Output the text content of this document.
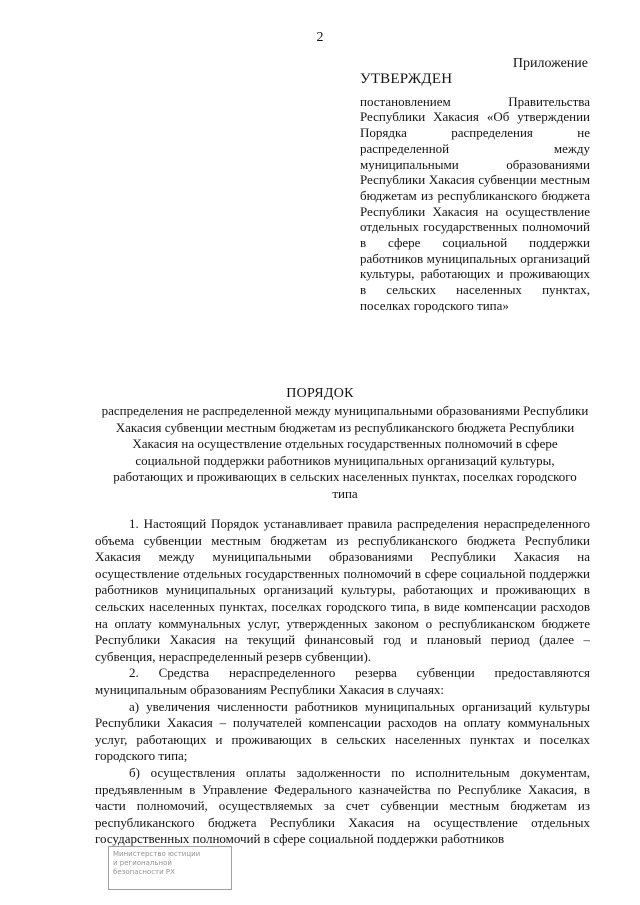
2
Приложение
УТВЕРЖДЕН
постановлением Правительства Республики Хакасия «Об утверждении Порядка распределения не распределенной между муниципальными образованиями Республики Хакасия субвенции местным бюджетам из республиканского бюджета Республики Хакасия на осуществление отдельных государственных полномочий в сфере социальной поддержки работников муниципальных организаций культуры, работающих и проживающих в сельских населенных пунктах, поселках городского типа»
ПОРЯДОК
распределения не распределенной между муниципальными образованиями Республики Хакасия субвенции местным бюджетам из республиканского бюджета Республики Хакасия на осуществление отдельных государственных полномочий в сфере социальной поддержки работников муниципальных организаций культуры, работающих и проживающих в сельских населенных пунктах, поселках городского типа

1. Настоящий Порядок устанавливает правила распределения нераспределенного объема субвенции местным бюджетам из республиканского бюджета Республики Хакасия между муниципальными образованиями Республики Хакасия на осуществление отдельных государственных полномочий в сфере социальной поддержки работников муниципальных организаций культуры, работающих и проживающих в сельских населенных пунктах, поселках городского типа, в виде компенсации расходов на оплату коммунальных услуг, утвержденных законом о республиканском бюджете Республики Хакасия на текущий финансовый год и плановый период (далее – субвенция, нераспределенный резерв субвенции).

2. Средства нераспределенного резерва субвенции предоставляются муниципальным образованиям Республики Хакасия в случаях:

а) увеличения численности работников муниципальных организаций культуры Республики Хакасия – получателей компенсации расходов на оплату коммунальных услуг, работающих и проживающих в сельских населенных пунктах и поселках городского типа;

б) осуществления оплаты задолженности по исполнительным документам, предъявленным в Управление Федерального казначейства по Республике Хакасия, в части полномочий, осуществляемых за счет субвенции местным бюджетам из республиканского бюджета Республики Хакасия на осуществление отдельных государственных полномочий в сфере социальной поддержки работников

Министерство юстиции
и региональной
безопасности РХ
